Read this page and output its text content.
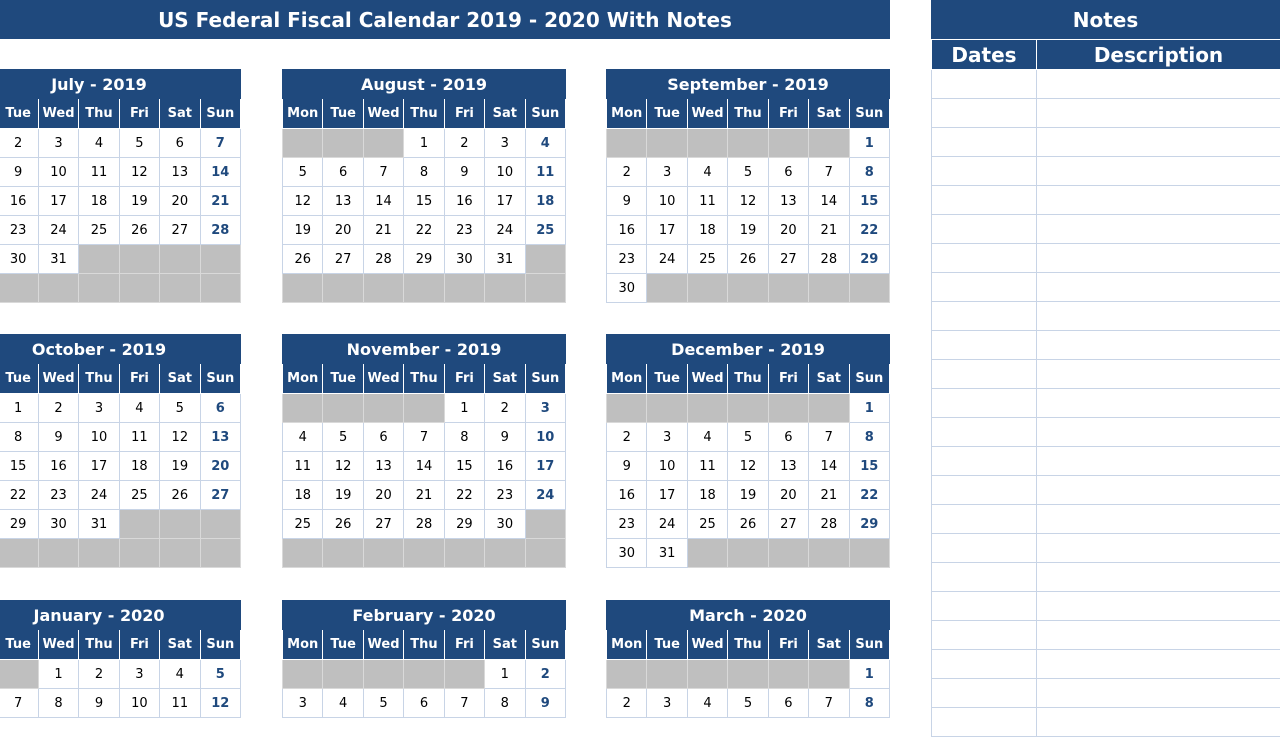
US Federal Fiscal Calendar 2019 - 2020 With Notes
July - 2019						
	Tue	Wed	Thu	Fri	Sat	Sun
	2	3	4	5	6	7
	9	10	11	12	13	14
	16	17	18	19	20	21
	23	24	25	26	27	28
	30	31				

August - 2019						
Mon	Tue	Wed	Thu	Fri	Sat	Sun
			1	2	3	4
5	6	7	8	9	10	11
12	13	14	15	16	17	18
19	20	21	22	23	24	25
26	27	28	29	30	31	

September - 2019						
Mon	Tue	Wed	Thu	Fri	Sat	Sun
						1
2	3	4	5	6	7	8
9	10	11	12	13	14	15
16	17	18	19	20	21	22
23	24	25	26	27	28	29
30						
October - 2019						
	Tue	Wed	Thu	Fri	Sat	Sun
	1	2	3	4	5	6
	8	9	10	11	12	13
	15	16	17	18	19	20
	22	23	24	25	26	27
	29	30	31			

November - 2019						
Mon	Tue	Wed	Thu	Fri	Sat	Sun
				1	2	3
4	5	6	7	8	9	10
11	12	13	14	15	16	17
18	19	20	21	22	23	24
25	26	27	28	29	30	

December - 2019						
Mon	Tue	Wed	Thu	Fri	Sat	Sun
						1
2	3	4	5	6	7	8
9	10	11	12	13	14	15
16	17	18	19	20	21	22
23	24	25	26	27	28	29
30	31					
January - 2020						
	Tue	Wed	Thu	Fri	Sat	Sun
		1	2	3	4	5
	7	8	9	10	11	12
February - 2020						
Mon	Tue	Wed	Thu	Fri	Sat	Sun
					1	2
3	4	5	6	7	8	9
March - 2020						
Mon	Tue	Wed	Thu	Fri	Sat	Sun
						1
2	3	4	5	6	7	8
Notes
Dates	Description
